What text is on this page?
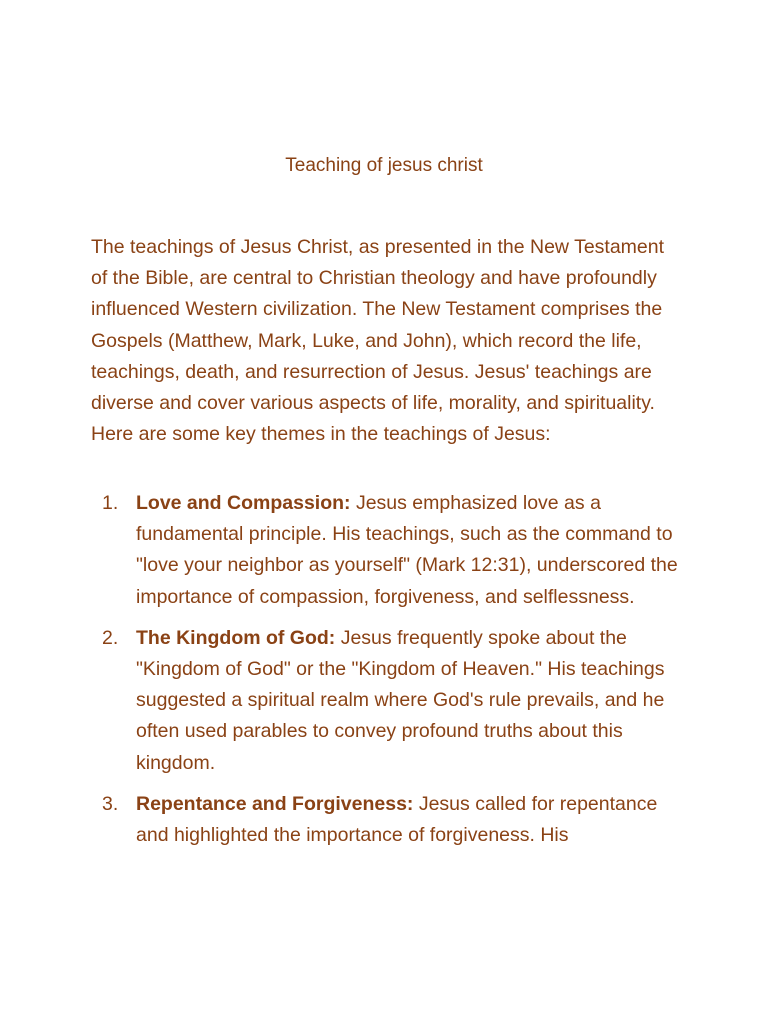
Teaching of jesus christ

The teachings of Jesus Christ, as presented in the New Testament of the Bible, are central to Christian theology and have profoundly influenced Western civilization. The New Testament comprises the Gospels (Matthew, Mark, Luke, and John), which record the life, teachings, death, and resurrection of Jesus. Jesus' teachings are diverse and cover various aspects of life, morality, and spirituality. Here are some key themes in the teachings of Jesus:

1. Love and Compassion: Jesus emphasized love as a fundamental principle. His teachings, such as the command to "love your neighbor as yourself" (Mark 12:31), underscored the importance of compassion, forgiveness, and selflessness.
2. The Kingdom of God: Jesus frequently spoke about the "Kingdom of God" or the "Kingdom of Heaven." His teachings suggested a spiritual realm where God's rule prevails, and he often used parables to convey profound truths about this kingdom.
3. Repentance and Forgiveness: Jesus called for repentance and highlighted the importance of forgiveness. His
